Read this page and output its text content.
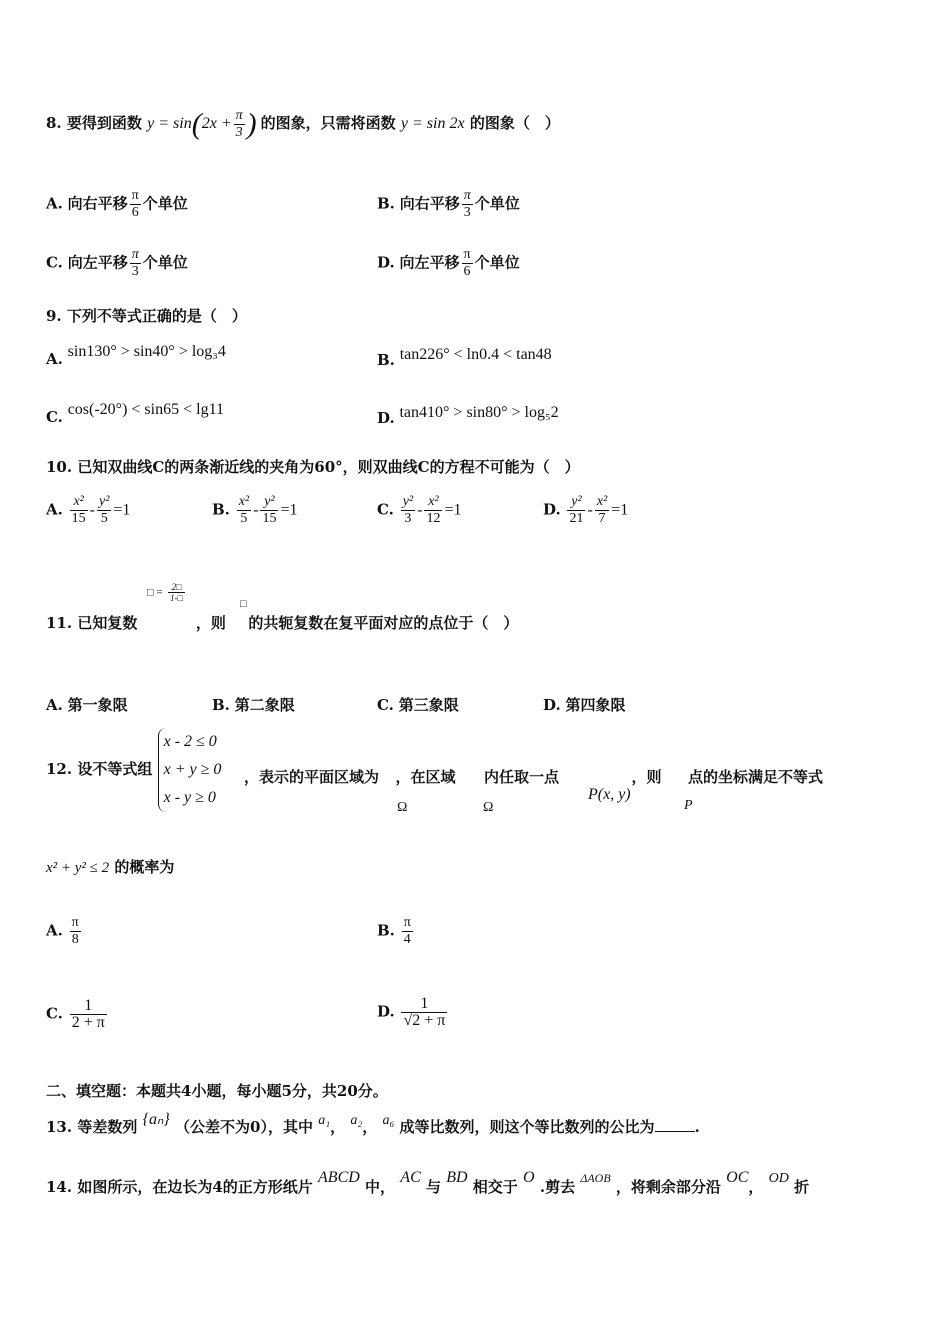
8. 要得到函数 $y = \sin(2x + \frac{\pi}{3}$ ) 的图象，只需将函数 y = sin 2x 的图象（　）
A. 向右平移 $\frac{\pi}{6}$ 个单位	B. 向右平移 $\frac{\pi}{3}$ 个单位
C. 向左平移 $\frac{\pi}{3}$ 个单位	D. 向左平移 $\frac{\pi}{6}$ 个单位
9. 下列不等式正确的是（　）
A. sin130° > sin40° > log₃4	B. tan226° < ln0.4 < tan48
C. cos(-20°) < sin65 < lg11	D. tan410° > sin80° > log₅2
10. 已知双曲线C的两条渐近线的夹角为60°，则双曲线C的方程不可能为（　）
A. $\frac{\text{x²}}{15} - \frac{\text{y²}}{5} =1$	B. $\frac{\text{x²}}{5} - \frac{\text{y²}}{15} =1$	C. $\frac{\text{y²}}{3} - \frac{\text{x²}}{12} =1$	D. $\frac{\text{y²}}{21} - \frac{\text{x²}}{7} =1$
□ = $\frac{2□}{1-□}$
□
11. 已知复数	，则 的共轭复数在复平面对应的点位于（　）
A. 第一象限	B. 第二象限	C. 第三象限	D. 第四象限
12. 设不等式组
x - 2 ≤ 0
x + y ≥ 0
x - y ≥ 0
，表示的平面区域为 ，在区域 内任取一点	，则 点的坐标满足不等式
Ω	Ω
P(x, y)
P
x² + y² ≤ 2 的概率为
A. $\frac{\pi}{8}$	B. $\frac{\pi}{4}$
C. $\frac{1}{2 + \pi}$	D. $\frac{1}{√2 + \pi}$
二、填空题：本题共4小题，每小题5分，共20分。
13. 等差数列 {aₙ} （公差不为0），其中 a₁， a₂， a₆ 成等比数列，则这个等比数列的公比为	.
14. 如图所示，在边长为4的正方形纸片 ABCD 中， AC 与 BD 相交于 O .剪去 $^{\Delta AOB}$ ，将剩余部分沿 OC， OD 折
